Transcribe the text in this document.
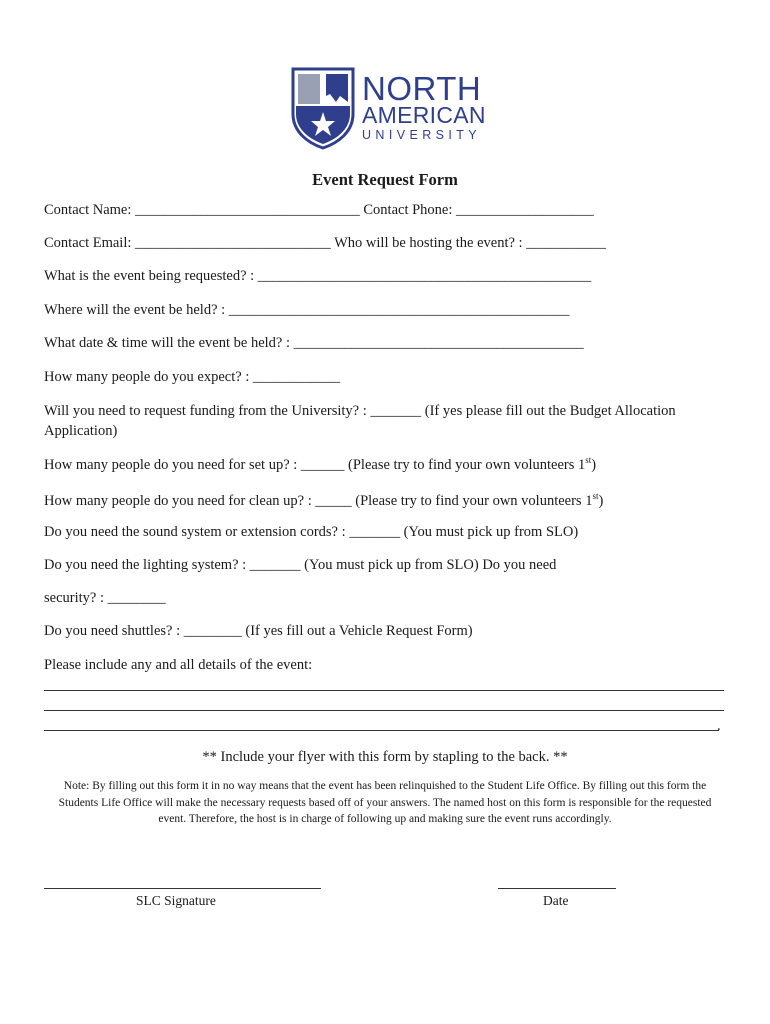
NORTH
AMERICAN
UNIVERSITY
Event Request Form
Contact Name: _______________________________ Contact Phone: ___________________
Contact Email: ___________________________ Who will be hosting the event? : ___________
What is the event being requested? : ______________________________________________
Where will the event be held? : _______________________________________________
What date & time will the event be held? : ________________________________________
How many people do you expect? : ____________
Will you need to request funding from the University? : _______ (If yes please fill out the Budget Allocation Application)
How many people do you need for set up? : ______ (Please try to find your own volunteers 1st)
How many people do you need for clean up? : _____ (Please try to find your own volunteers 1st)
Do you need the sound system or extension cords? : _______ (You must pick up from SLO)
Do you need the lighting system? : _______ (You must pick up from SLO) Do you need
security? : ________
Do you need shuttles? : ________ (If yes fill out a Vehicle Request Form)
Please include any and all details of the event:
.
** Include your flyer with this form by stapling to the back. **
Note: By filling out this form it in no way means that the event has been relinquished to the Student Life Office. By filling out this form the Students Life Office will make the necessary requests based off of your answers. The named host on this form is responsible for the requested event. Therefore, the host is in charge of following up and making sure the event runs accordingly.
SLC Signature	Date
